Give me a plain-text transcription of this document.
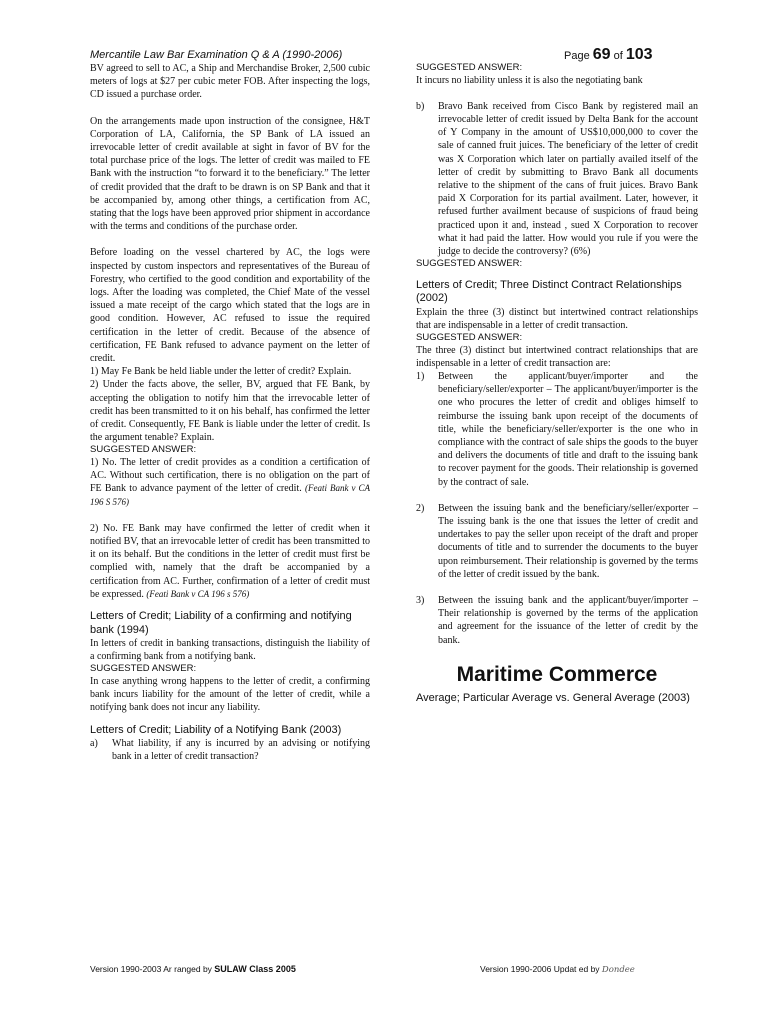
Mercantile Law Bar Examination Q & A (1990-2006)	Page 69 of 103

BV agreed to sell to AC, a Ship and Merchandise Broker, 2,500 cubic meters of logs at $27 per cubic meter FOB. After inspecting the logs, CD issued a purchase order.

On the arrangements made upon instruction of the consignee, H&T Corporation of LA, California, the SP Bank of LA issued an irrevocable letter of credit available at sight in favor of BV for the total purchase price of the logs. The letter of credit was mailed to FE Bank with the instruction “to forward it to the beneficiary.” The letter of credit provided that the draft to be drawn is on SP Bank and that it be accompanied by, among other things, a certification from AC, stating that the logs have been approved prior shipment in accordance with the terms and conditions of the purchase order.

Before loading on the vessel chartered by AC, the logs were inspected by custom inspectors and representatives of the Bureau of Forestry, who certified to the good condition and exportability of the logs. After the loading was completed, the Chief Mate of the vessel issued a mate receipt of the cargo which stated that the logs are in good condition. However, AC refused to issue the required certification in the letter of credit. Because of the absence of certification, FE Bank refused to advance payment on the letter of credit.

1) May Fe Bank be held liable under the letter of credit? Explain.

2) Under the facts above, the seller, BV, argued that FE Bank, by accepting the obligation to notify him that the irrevocable letter of credit has been transmitted to it on his behalf, has confirmed the letter of credit. Consequently, FE Bank is liable under the letter of credit. Is the argument tenable? Explain.

SUGGESTED ANSWER:

1) No. The letter of credit provides as a condition a certification of AC. Without such certification, there is no obligation on the part of FE Bank to advance payment of the letter of credit. (Feati Bank v CA 196 S 576)

2) No. FE Bank may have confirmed the letter of credit when it notified BV, that an irrevocable letter of credit has been transmitted to it on its behalf. But the conditions in the letter of credit must first be complied with, namely that the draft be accompanied by a certification from AC. Further, confirmation of a letter of credit must be expressed. (Feati Bank v CA 196 s 576)

Letters of Credit; Liability of a confirming and notifying bank (1994)

In letters of credit in banking transactions, distinguish the liability of a confirming bank from a notifying bank.

SUGGESTED ANSWER:

In case anything wrong happens to the letter of credit, a confirming bank incurs liability for the amount of the letter of credit, while a notifying bank does not incur any liability.

Letters of Credit; Liability of a Notifying Bank (2003)

a)	What liability, if any is incurred by an advising or notifying bank in a letter of credit transaction?

SUGGESTED ANSWER:

It incurs no liability unless it is also the negotiating bank

b)	Bravo Bank received from Cisco Bank by registered mail an irrevocable letter of credit issued by Delta Bank for the account of Y Company in the amount of US$10,000,000 to cover the sale of canned fruit juices. The beneficiary of the letter of credit was X Corporation which later on partially availed itself of the letter of credit by submitting to Bravo Bank all documents relative to the shipment of the cans of fruit juices. Bravo Bank paid X Corporation for its partial availment. Later, however, it refused further availment because of suspicions of fraud being practiced upon it and, instead , sued X Corporation to recover what it had paid the latter. How would you rule if you were the judge to decide the controversy? (6%)

SUGGESTED ANSWER:

Letters of Credit; Three Distinct Contract Relationships (2002)

Explain the three (3) distinct but intertwined contract relationships that are indispensable in a letter of credit transaction.

SUGGESTED ANSWER:

The three (3) distinct but intertwined contract relationships that are indispensable in a letter of credit transaction are:

1)	Between the applicant/buyer/importer and the beneficiary/seller/exporter – The applicant/buyer/importer is the one who procures the letter of credit and obliges himself to reimburse the issuing bank upon receipt of the documents of title, while the beneficiary/seller/exporter is the one who in compliance with the contract of sale ships the goods to the buyer and delivers the documents of title and draft to the issuing bank to recover payment for the goods. Their relationship is governed by the contract of sale.
2)	Between the issuing bank and the beneficiary/seller/exporter – The issuing bank is the one that issues the letter of credit and undertakes to pay the seller upon receipt of the draft and proper documents of title and to surrender the documents to the buyer upon reimbursement. Their relationship is governed by the terms of the letter of credit issued by the bank.
3)	Between the issuing bank and the applicant/buyer/importer – Their relationship is governed by the terms of the application and agreement for the issuance of the letter of credit by the bank.
Maritime Commerce

Average; Particular Average vs. General Average (2003)

Version 1990-2003 Ar ranged by SULAW Class 2005	Version 1990-2006 Updat ed by Dondee
